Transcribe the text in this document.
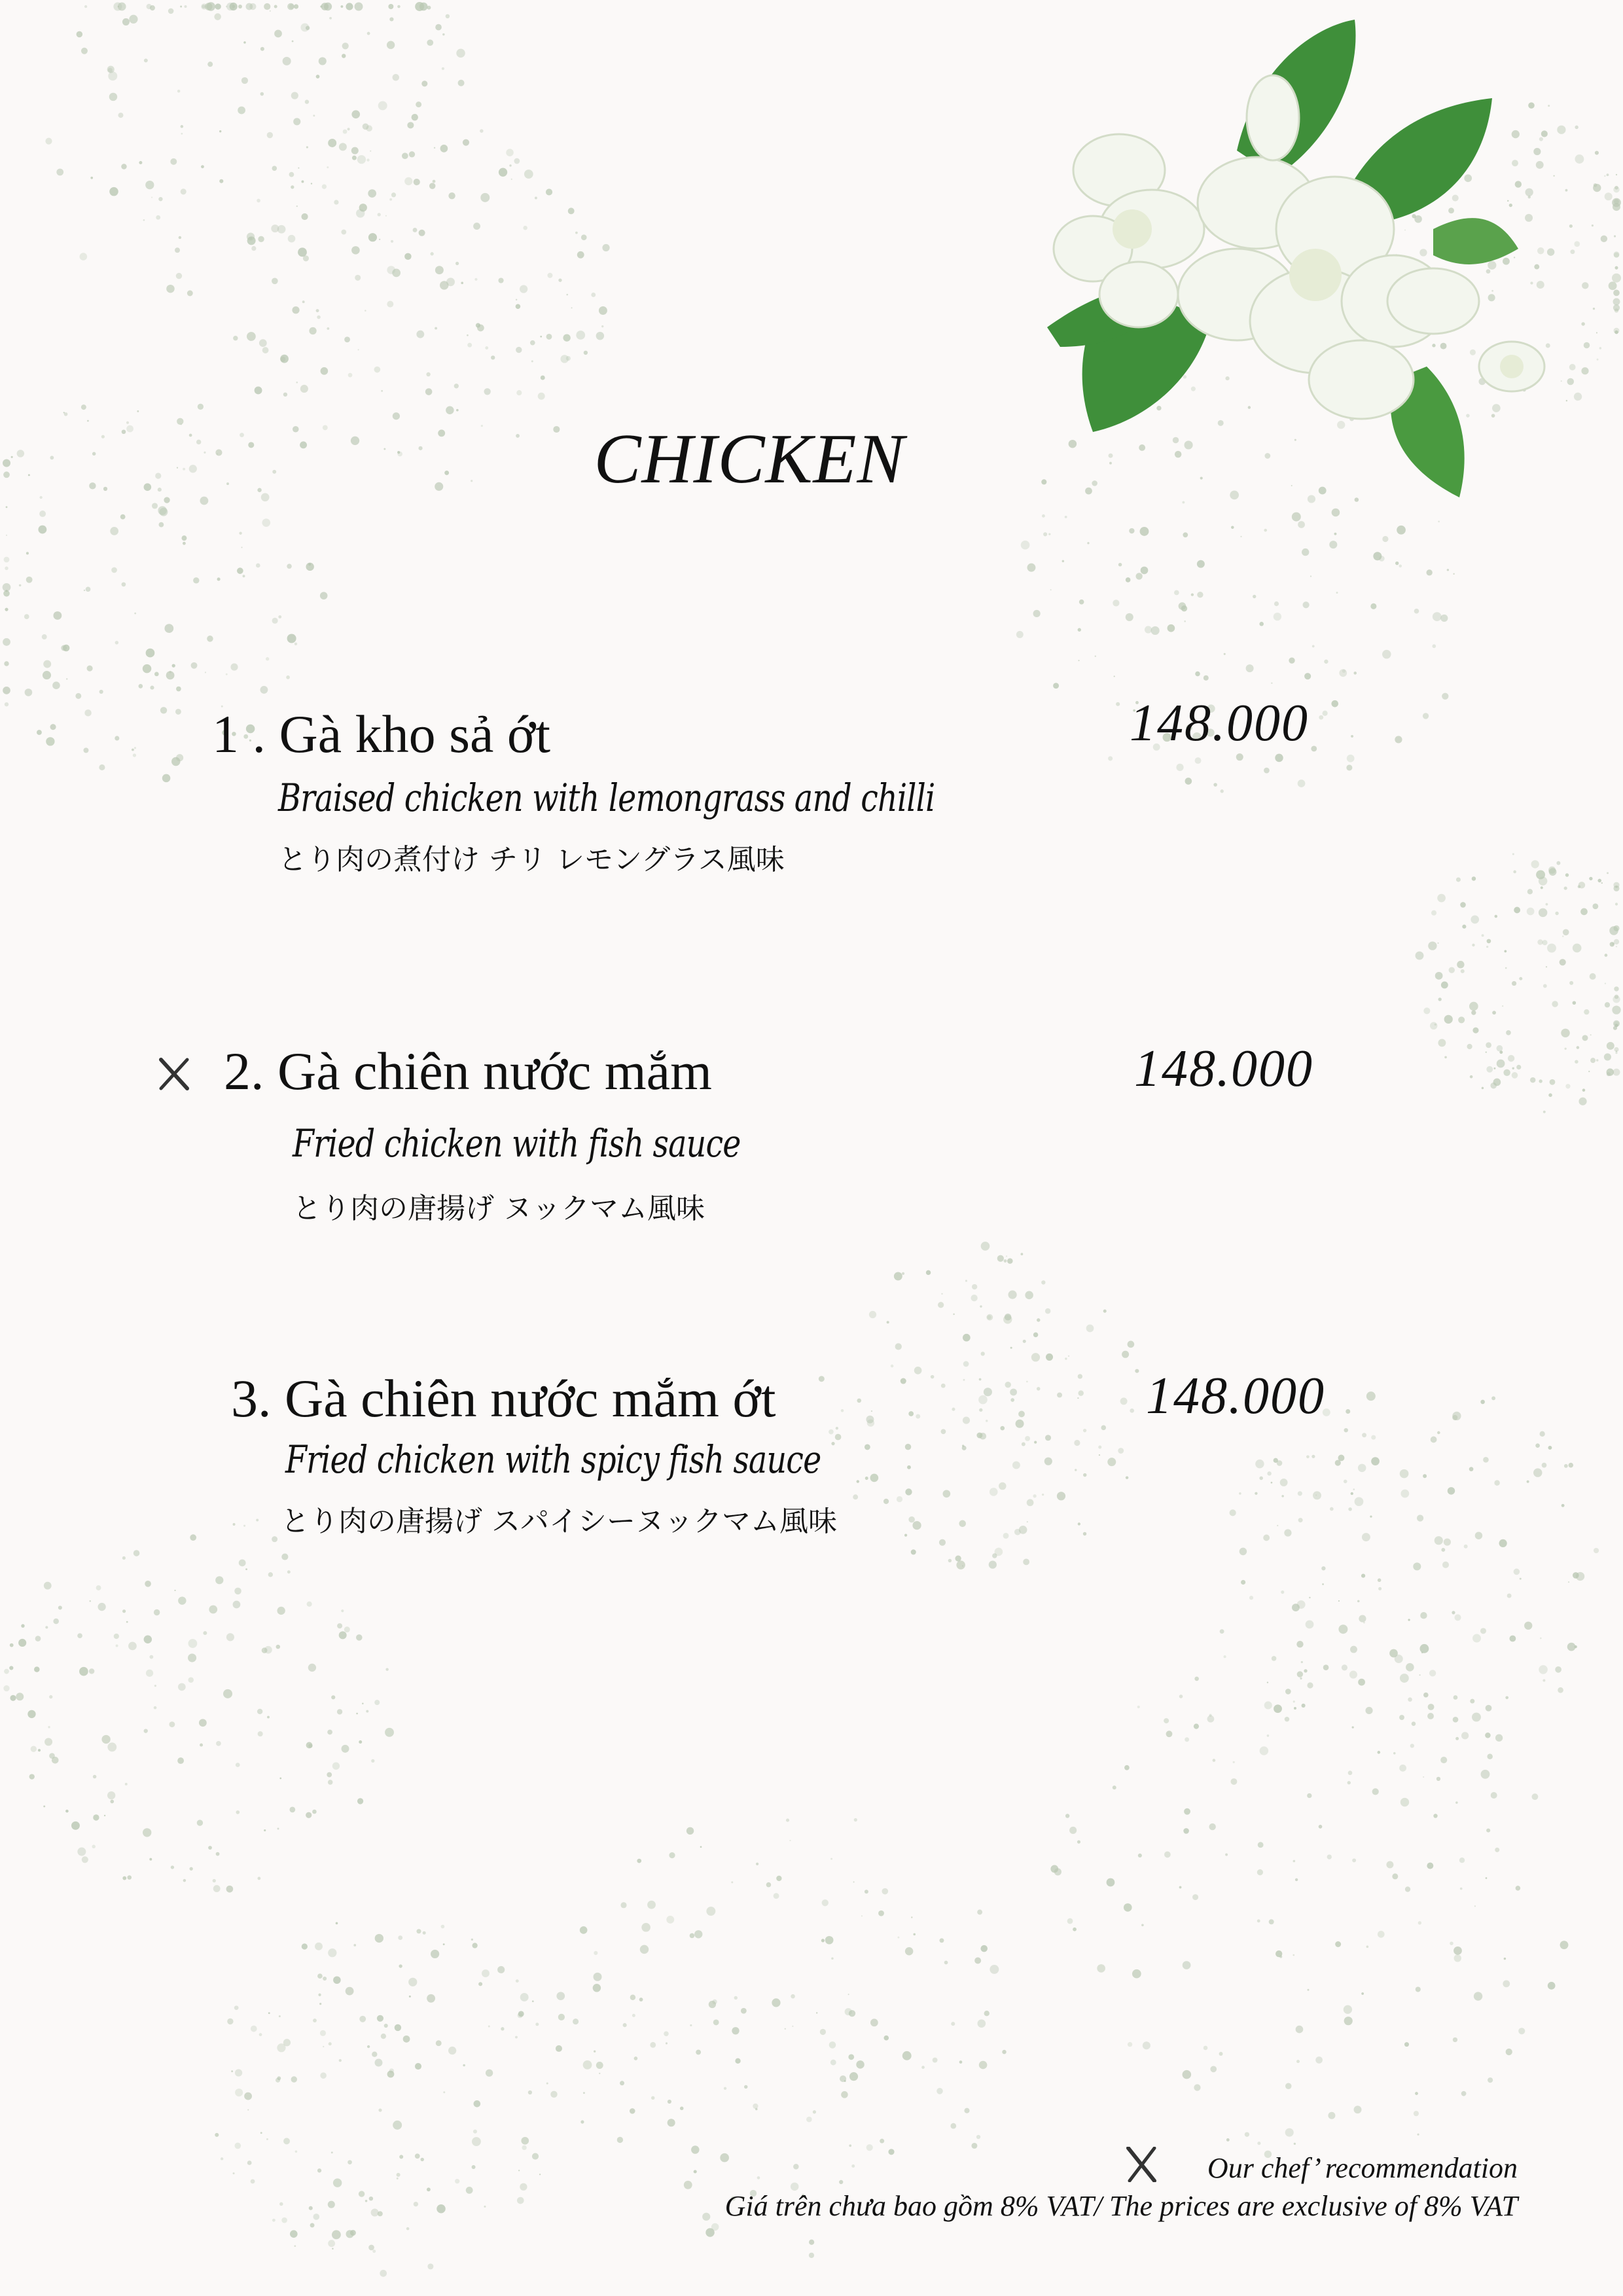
CHICKEN
1 . Gà kho sả ớt	148.000
Braised chicken with lemongrass and chilli
とり肉の煮付け チリ レモングラス風味
2. Gà chiên nước mắm	148.000
Fried chicken with fish sauce
とり肉の唐揚げ ヌックマム風味
3. Gà chiên nước mắm ớt	148.000
Fried chicken with spicy fish sauce
とり肉の唐揚げ スパイシーヌックマム風味
Our chef’ recommendation
Giá trên chưa bao gồm 8% VAT/ The prices are exclusive of 8% VAT
